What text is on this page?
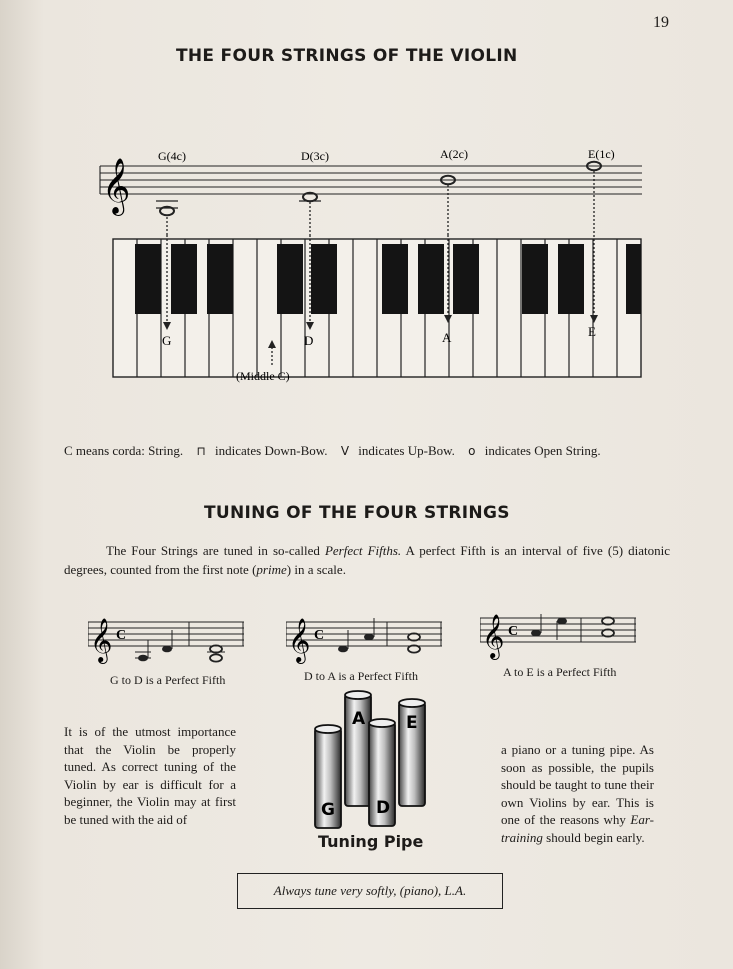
19
THE FOUR STRINGS OF THE VIOLIN
𝄞
G(4c)	D(3c)	A(2c)	E(1c)
G	D	A	E
(Middle C)
C means corda: String. ⊓ indicates Down-Bow. V indicates Up-Bow. o indicates Open String.
TUNING OF THE FOUR STRINGS
The Four Strings are tuned in so-called Perfect Fifths. A perfect Fifth is an interval of five (5) diatonic degrees, counted from the first note (prime) in a scale.
𝄞 C
G to D is a Perfect Fifth
𝄞 C
D to A is a Perfect Fifth
𝄞 C
A to E is a Perfect Fifth
It is of the utmost importance that the Violin be properly tuned. As correct tuning of the Violin by ear is difficult for a beginner, the Violin may at first be tuned with the aid of
a piano or a tuning pipe. As soon as possible, the pupils should be taught to tune their own Violins by ear. This is one of the reasons why Ear-training should begin early.
G
A
D
E
Tuning Pipe
Always tune very softly, (piano), L.A.
